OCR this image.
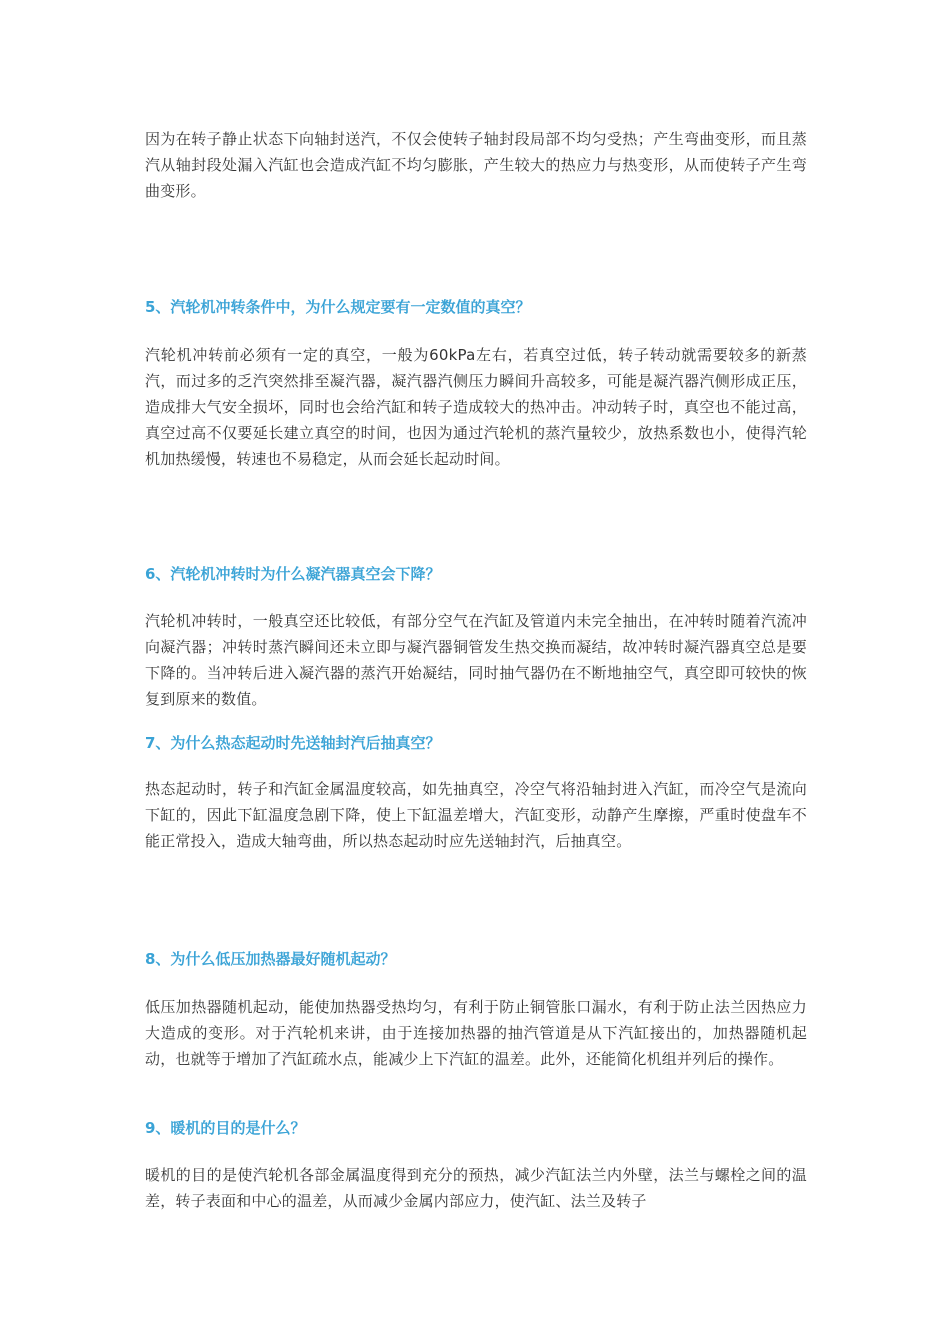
因为在转子静止状态下向轴封送汽，不仅会使转子轴封段局部不均匀受热；产生弯曲变形，而且蒸汽从轴封段处漏入汽缸也会造成汽缸不均匀膨胀，产生较大的热应力与热变形，从而使转子产生弯曲变形。

5、汽轮机冲转条件中，为什么规定要有一定数值的真空？

汽轮机冲转前必须有一定的真空，一般为60kPa左右，若真空过低，转子转动就需要较多的新蒸汽，而过多的乏汽突然排至凝汽器，凝汽器汽侧压力瞬间升高较多，可能是凝汽器汽侧形成正压，造成排大气安全损坏，同时也会给汽缸和转子造成较大的热冲击。冲动转子时，真空也不能过高，真空过高不仅要延长建立真空的时间，也因为通过汽轮机的蒸汽量较少，放热系数也小，使得汽轮机加热缓慢，转速也不易稳定，从而会延长起动时间。

6、汽轮机冲转时为什么凝汽器真空会下降？

汽轮机冲转时，一般真空还比较低，有部分空气在汽缸及管道内未完全抽出，在冲转时随着汽流冲向凝汽器；冲转时蒸汽瞬间还未立即与凝汽器铜管发生热交换而凝结，故冲转时凝汽器真空总是要下降的。当冲转后进入凝汽器的蒸汽开始凝结，同时抽气器仍在不断地抽空气，真空即可较快的恢复到原来的数值。

7、为什么热态起动时先送轴封汽后抽真空？

热态起动时，转子和汽缸金属温度较高，如先抽真空，冷空气将沿轴封进入汽缸，而冷空气是流向下缸的，因此下缸温度急剧下降，使上下缸温差增大，汽缸变形，动静产生摩擦，严重时使盘车不能正常投入，造成大轴弯曲，所以热态起动时应先送轴封汽，后抽真空。

8、为什么低压加热器最好随机起动？

低压加热器随机起动，能使加热器受热均匀，有利于防止铜管胀口漏水，有利于防止法兰因热应力大造成的变形。对于汽轮机来讲，由于连接加热器的抽汽管道是从下汽缸接出的，加热器随机起动，也就等于增加了汽缸疏水点，能减少上下汽缸的温差。此外，还能简化机组并列后的操作。

9、暖机的目的是什么？

暖机的目的是使汽轮机各部金属温度得到充分的预热，减少汽缸法兰内外壁，法兰与螺栓之间的温差，转子表面和中心的温差，从而减少金属内部应力，使汽缸、法兰及转子
